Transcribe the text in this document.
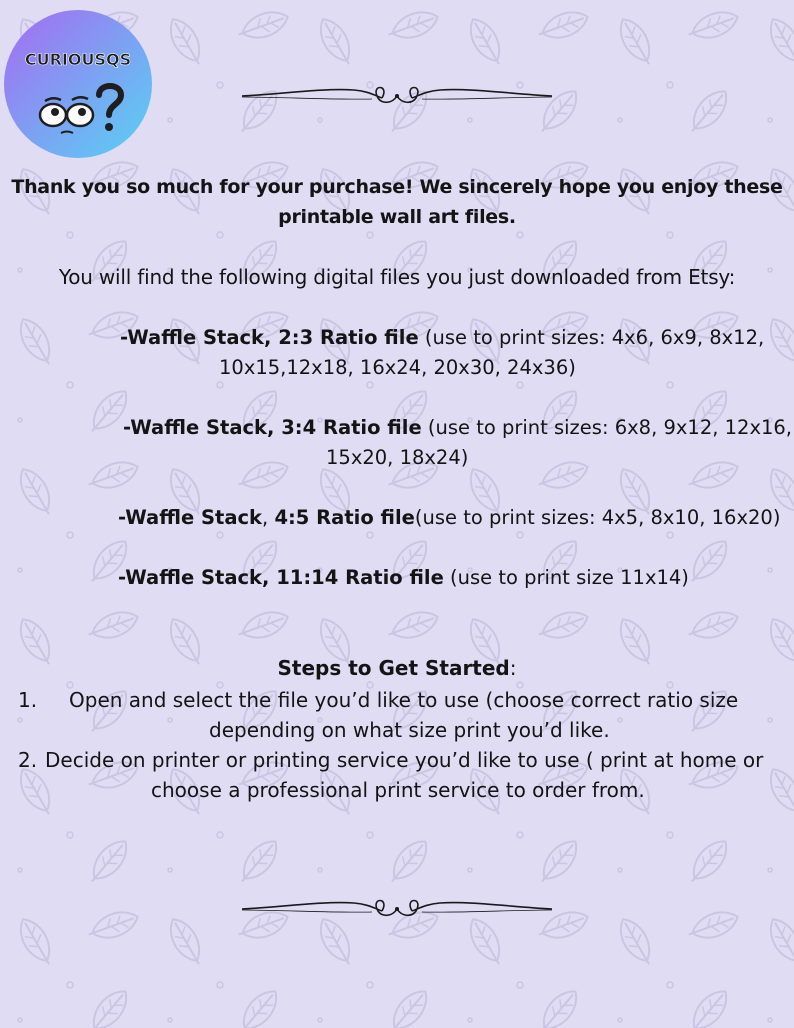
CURIOUSQS
Thank you so much for your purchase! We sincerely hope you enjoy these
printable wall art files.
You will find the following digital files you just downloaded from Etsy:
-Waffle Stack, 2:3 Ratio file (use to print sizes: 4x6, 6x9, 8x12,
10x15,12x18, 16x24, 20x30, 24x36)
-Waffle Stack, 3:4 Ratio file (use to print sizes: 6x8, 9x12, 12x16,
15x20, 18x24)
-Waffle Stack, 4:5 Ratio file(use to print sizes: 4x5, 8x10, 16x20)
-Waffle Stack, 11:14 Ratio file (use to print size 11x14)
Steps to Get Started:
1. Open and select the file you’d like to use (choose correct ratio size
depending on what size print you’d like.
2. Decide on printer or printing service you’d like to use ( print at home or
choose a professional print service to order from.
